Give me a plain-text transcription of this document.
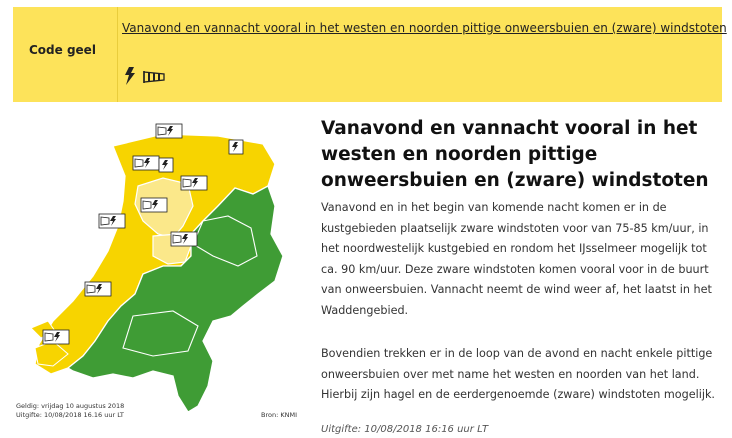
Code geel
Vanavond en vannacht vooral in het westen en noorden pittige onweersbuien en (zware) windstoten
Geldig: vrijdag 10 augustus 2018
Uitgifte: 10/08/2018 16.16 uur LT	Bron: KNMI
Vanavond en vannacht vooral in het westen en noorden pittige onweersbuien en (zware) windstoten

Vanavond en in het begin van komende nacht komen er in de kustgebieden plaatselijk zware windstoten voor van 75-85 km/uur, in het noordwestelijk kustgebied en rondom het IJsselmeer mogelijk tot ca. 90 km/uur. Deze zware windstoten komen vooral voor in de buurt van onweersbuien. Vannacht neemt de wind weer af, het laatst in het Waddengebied.

Bovendien trekken er in de loop van de avond en nacht enkele pittige onweersbuien over met name het westen en noorden van het land. Hierbij zijn hagel en de eerdergenoemde (zware) windstoten mogelijk.

Uitgifte: 10/08/2018 16:16 uur LT
